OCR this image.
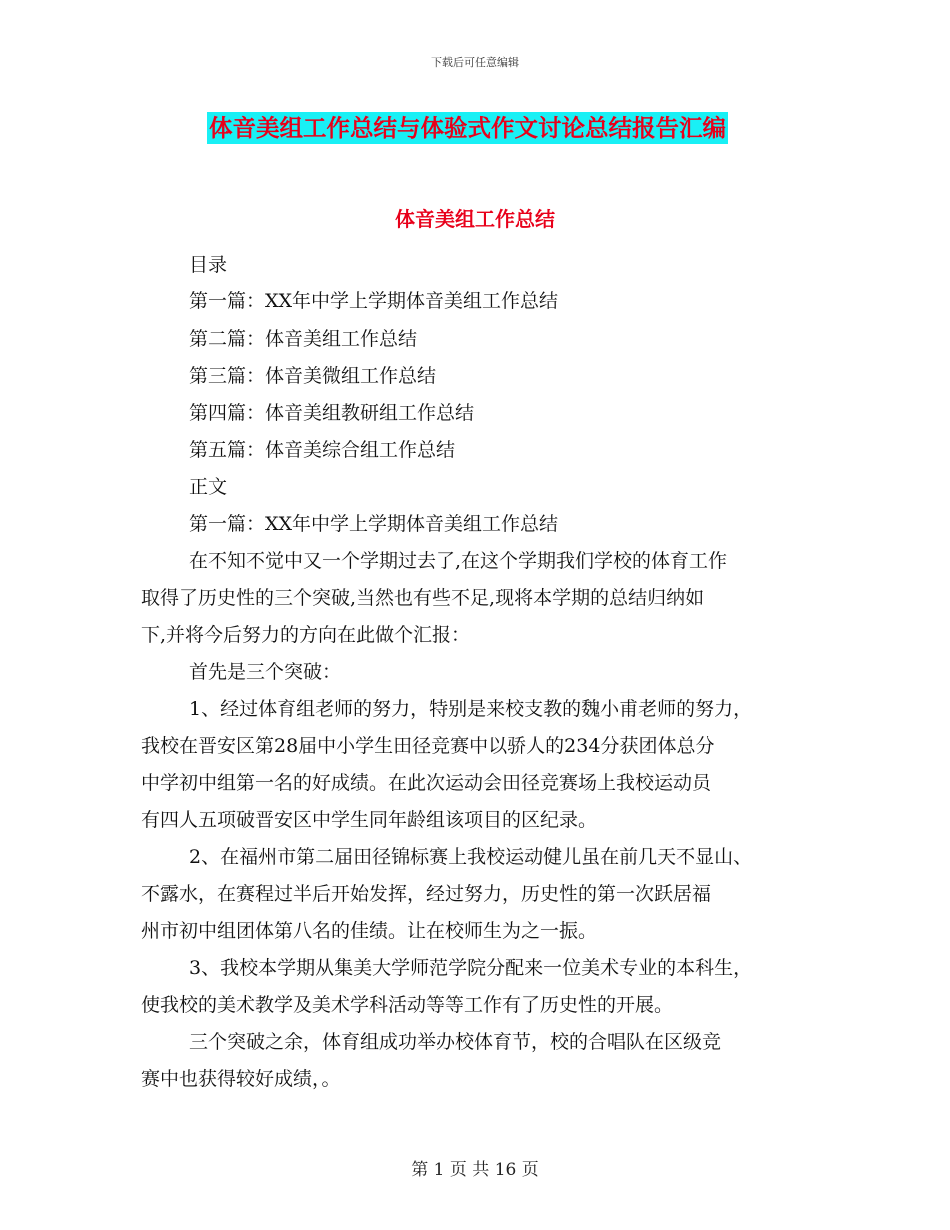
下载后可任意编辑
体音美组工作总结与体验式作文讨论总结报告汇编
体音美组工作总结
目录
第一篇：XX年中学上学期体音美组工作总结
第二篇：体音美组工作总结
第三篇：体音美微组工作总结
第四篇：体音美组教研组工作总结
第五篇：体音美综合组工作总结
正文
第一篇：XX年中学上学期体音美组工作总结
在不知不觉中又一个学期过去了,在这个学期我们学校的体育工作
取得了历史性的三个突破,当然也有些不足,现将本学期的总结归纳如
下,并将今后努力的方向在此做个汇报：
首先是三个突破：
1、经过体育组老师的努力，特别是来校支教的魏小甫老师的努力，
我校在晋安区第28届中小学生田径竞赛中以骄人的234分获团体总分
中学初中组第一名的好成绩。在此次运动会田径竞赛场上我校运动员
有四人五项破晋安区中学生同年龄组该项目的区纪录。
2、在福州市第二届田径锦标赛上我校运动健儿虽在前几天不显山、
不露水，在赛程过半后开始发挥，经过努力，历史性的第一次跃居福
州市初中组团体第八名的佳绩。让在校师生为之一振。
3、我校本学期从集美大学师范学院分配来一位美术专业的本科生，
使我校的美术教学及美术学科活动等等工作有了历史性的开展。
三个突破之余，体育组成功举办校体育节，校的合唱队在区级竞
赛中也获得较好成绩，。
第 1 页 共 16 页
